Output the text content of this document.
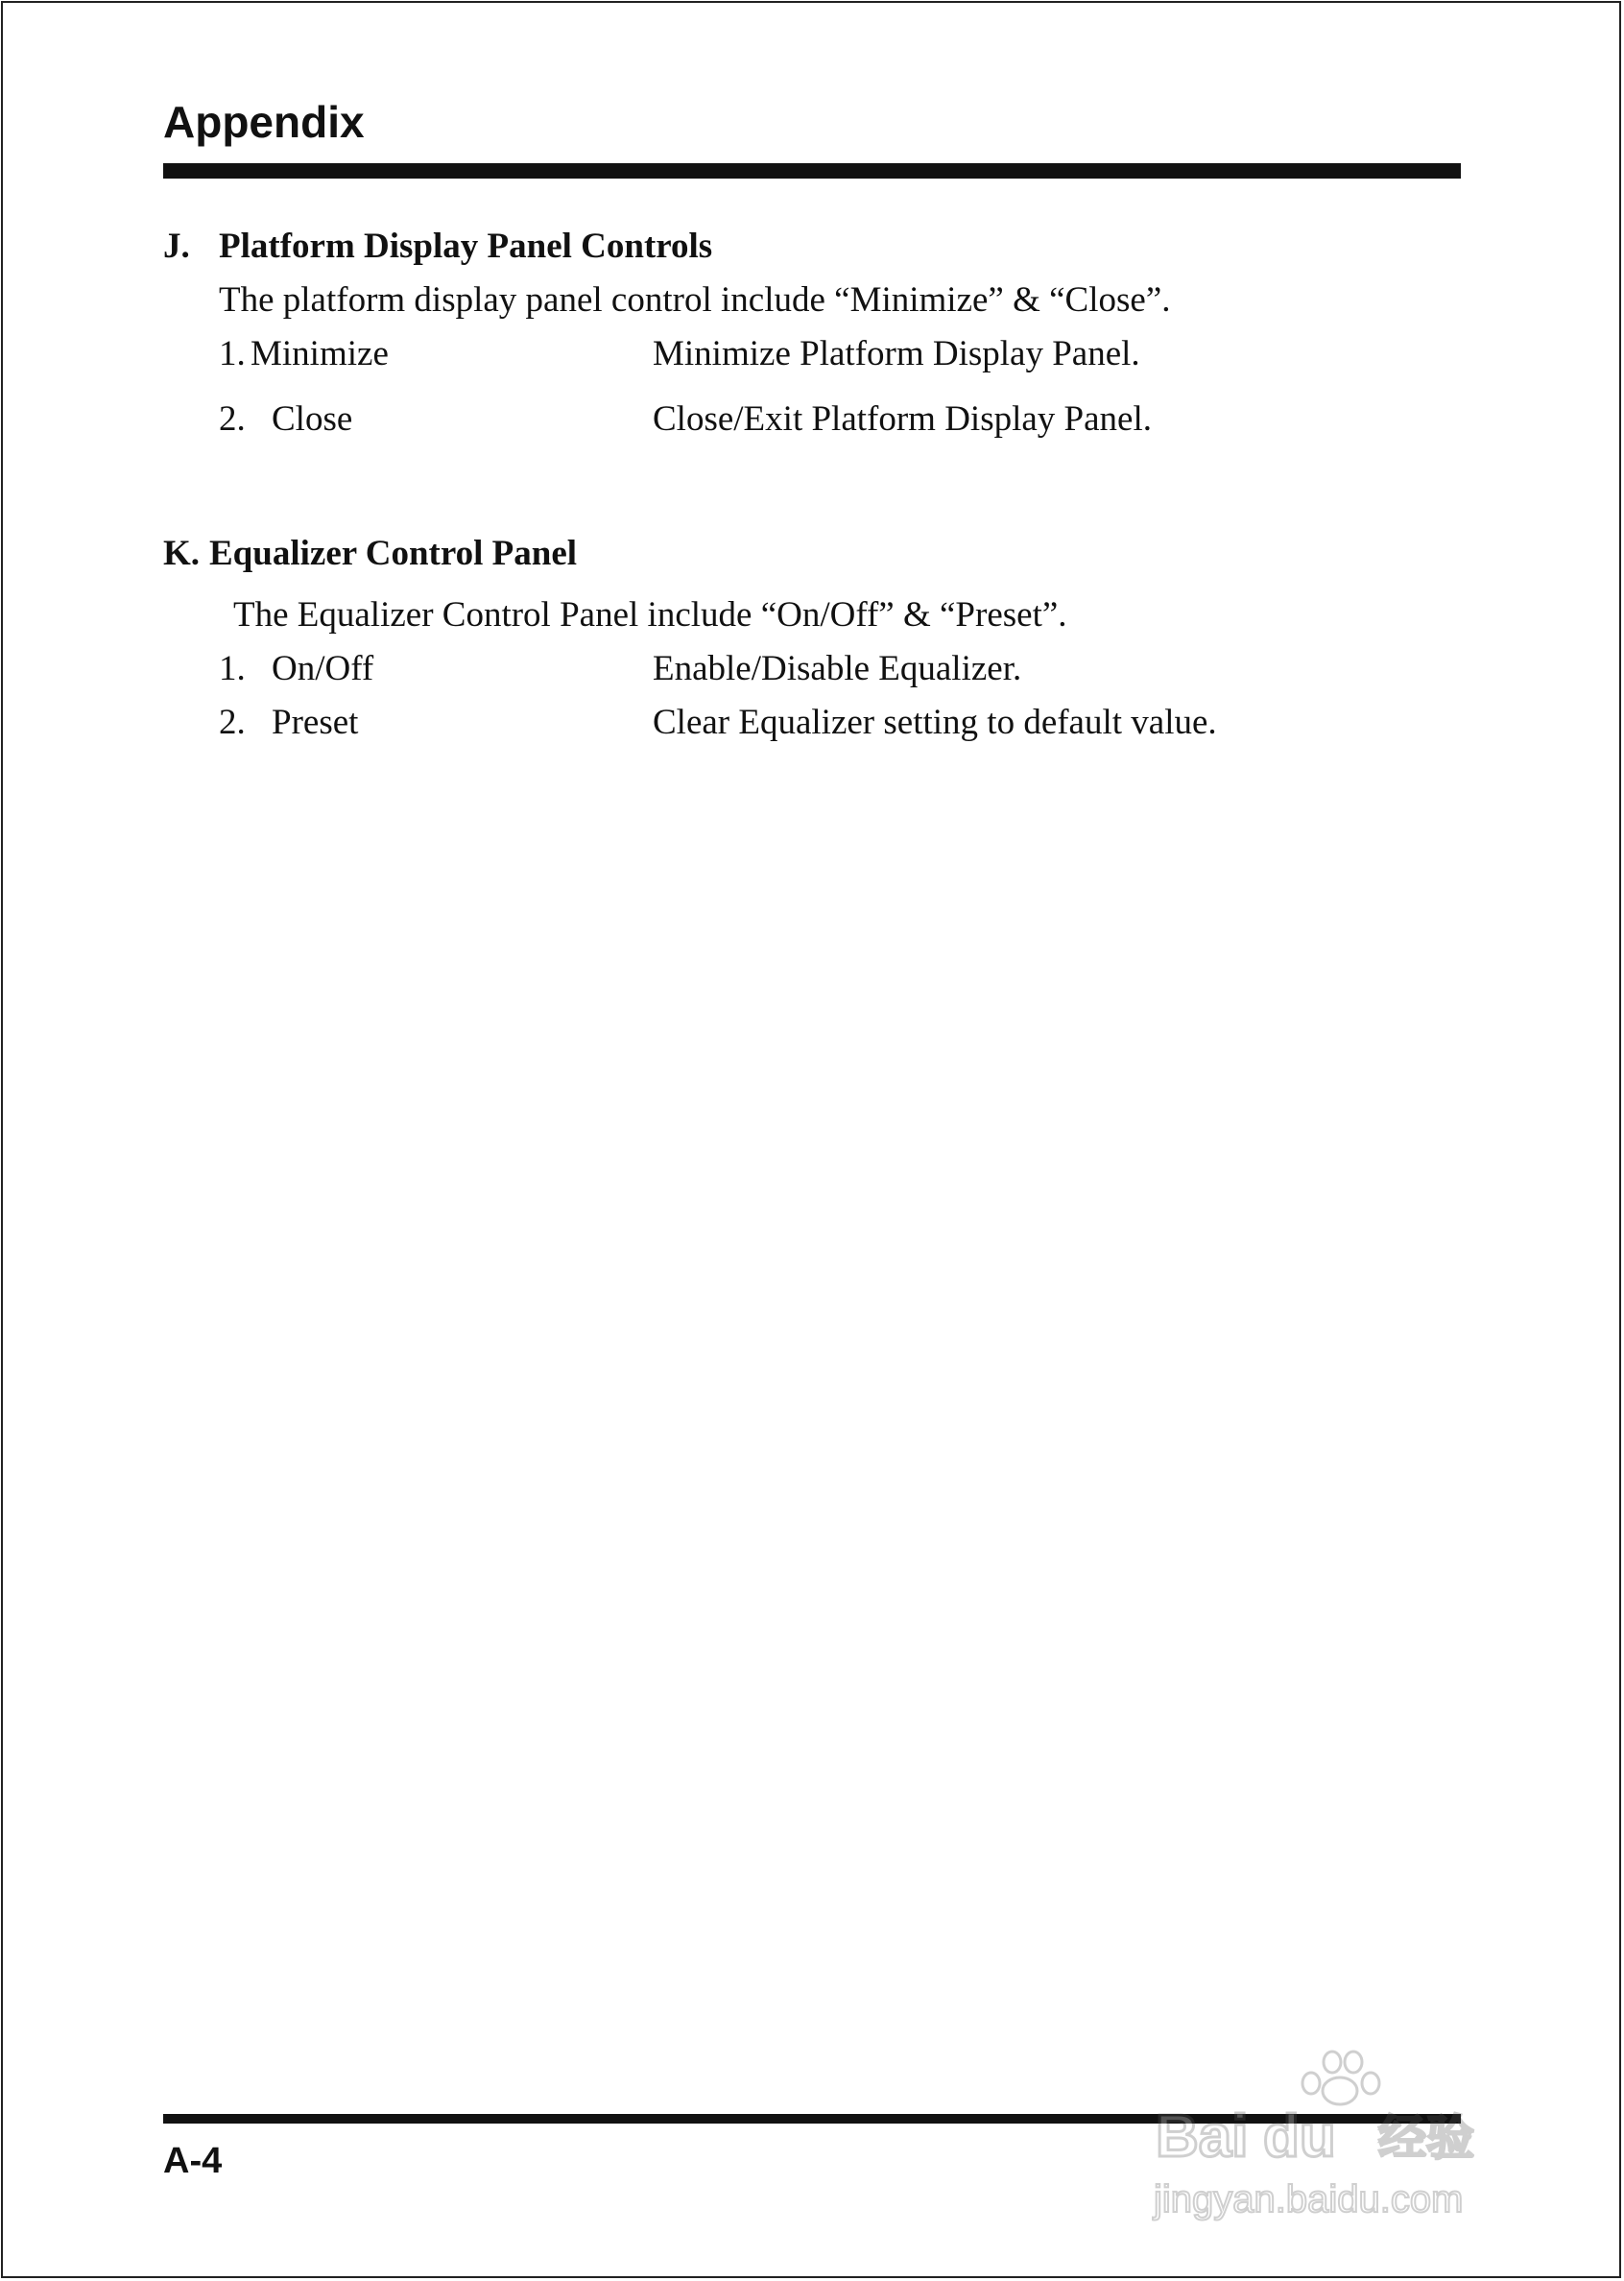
Appendix
J. Platform Display Panel Controls
The platform display panel control include “Minimize” & “Close”.
1. Minimize	Minimize Platform Display Panel.
2. Close	Close/Exit Platform Display Panel.
K. Equalizer Control Panel
The Equalizer Control Panel include “On/Off” & “Preset”.
1. On/Off	Enable/Disable Equalizer.
2. Preset	Clear Equalizer setting to default value.
A-4	Bai du 经验
jingyan.baidu.com
